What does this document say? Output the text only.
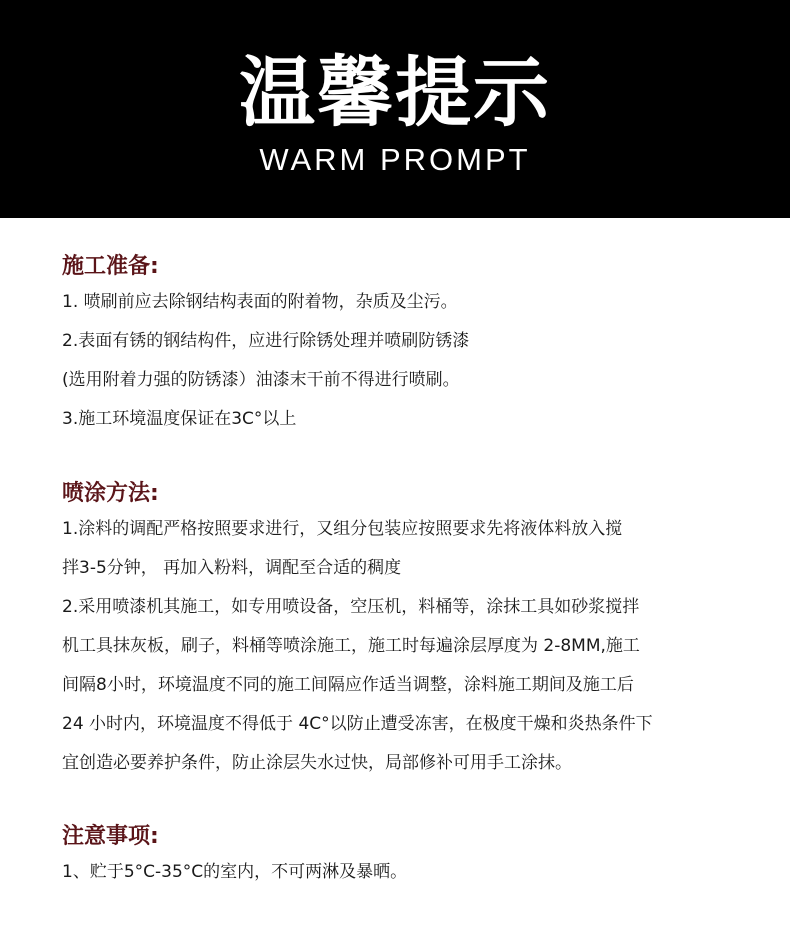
温馨提示
WARM PROMPT
施工准备:
1. 喷刷前应去除钢结构表面的附着物，杂质及尘污。
2.表面有锈的钢结构件，应进行除锈处理并喷刷防锈漆
(选用附着力强的防锈漆）油漆末干前不得进行喷刷。
3.施工环境温度保证在3C°以上
喷涂方法:
1.涂料的调配严格按照要求进行，又组分包装应按照要求先将液体料放入搅
拌3-5分钟， 再加入粉料，调配至合适的稠度
2.采用喷漆机其施工，如专用喷设备，空压机，料桶等，涂抹工具如砂浆搅拌
机工具抹灰板，刷子，料桶等喷涂施工，施工时每遍涂层厚度为 2-8MM,施工
间隔8小时，环境温度不同的施工间隔应作适当调整，涂料施工期间及施工后
24 小时内，环境温度不得低于 4C°以防止遭受冻害，在极度干燥和炎热条件下
宜创造必要养护条件，防止涂层失水过快，局部修补可用手工涂抹。
注意事项:
1、贮于5°C-35°C的室内，不可两淋及暴晒。
